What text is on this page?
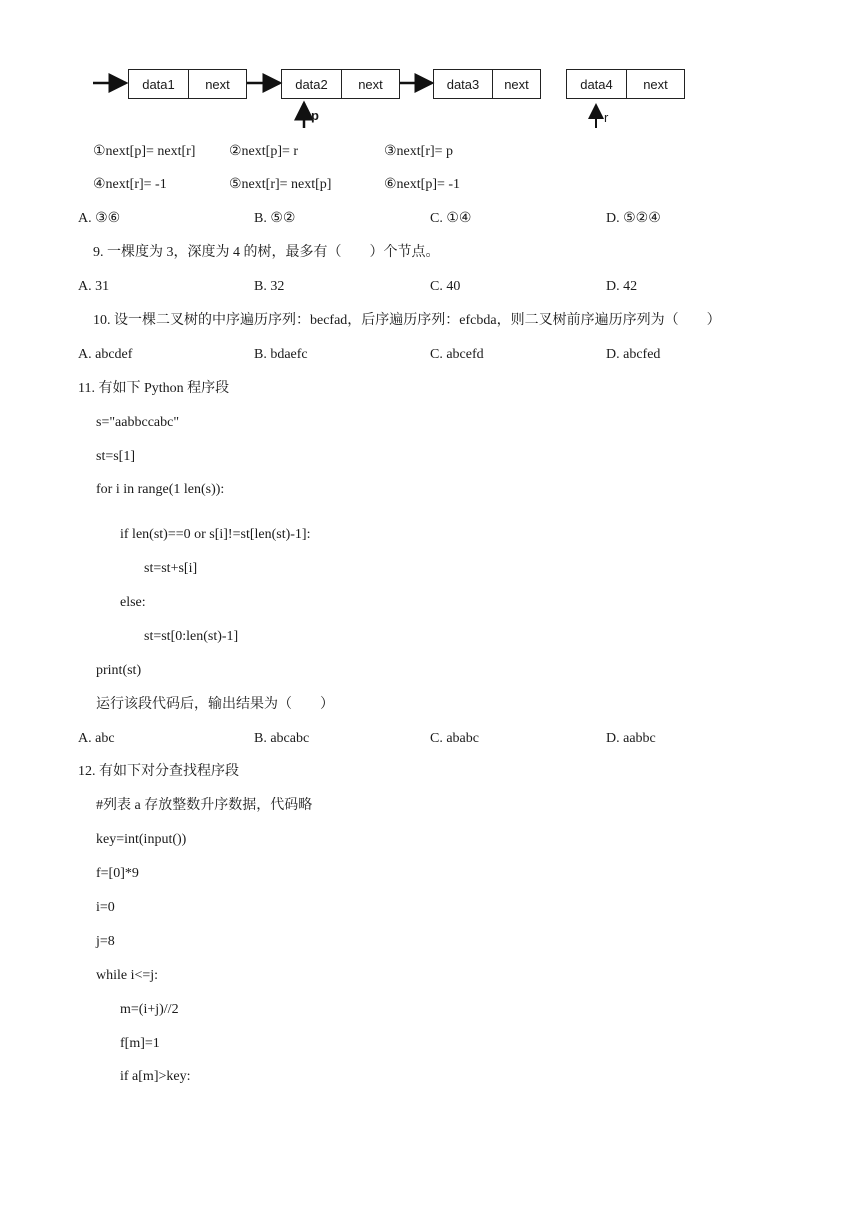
data1	next	data2	next	data3	next	data4	next
p	r
①next[p]= next[r] ②next[p]= r	③next[r]= p
④next[r]= -1	⑤next[r]= next[p]	⑥next[p]= -1
A. ③⑥	B. ⑤②	C. ①④	D. ⑤②④
9. 一棵度为 3，深度为 4 的树，最多有（　　）个节点。
A. 31	B. 32	C. 40	D. 42
10. 设一棵二叉树的中序遍历序列：becfad，后序遍历序列：efcbda，则二叉树前序遍历序列为（　　）
A. abcdef	B. bdaefc	C. abcefd	D. abcfed
11. 有如下 Python 程序段
s="aabbccabc"
st=s[1]
for i in range(1 len(s)):
if len(st)==0 or s[i]!=st[len(st)-1]:
st=st+s[i]
else:
st=st[0:len(st)-1]
print(st)
运行该段代码后，输出结果为（　　）
A. abc	B. abcabc	C. ababc	D. aabbc
12. 有如下对分查找程序段
#列表 a 存放整数升序数据，代码略
key=int(input())
f=[0]*9
i=0
j=8
while i<=j:
m=(i+j)//2
f[m]=1
if a[m]>key:
